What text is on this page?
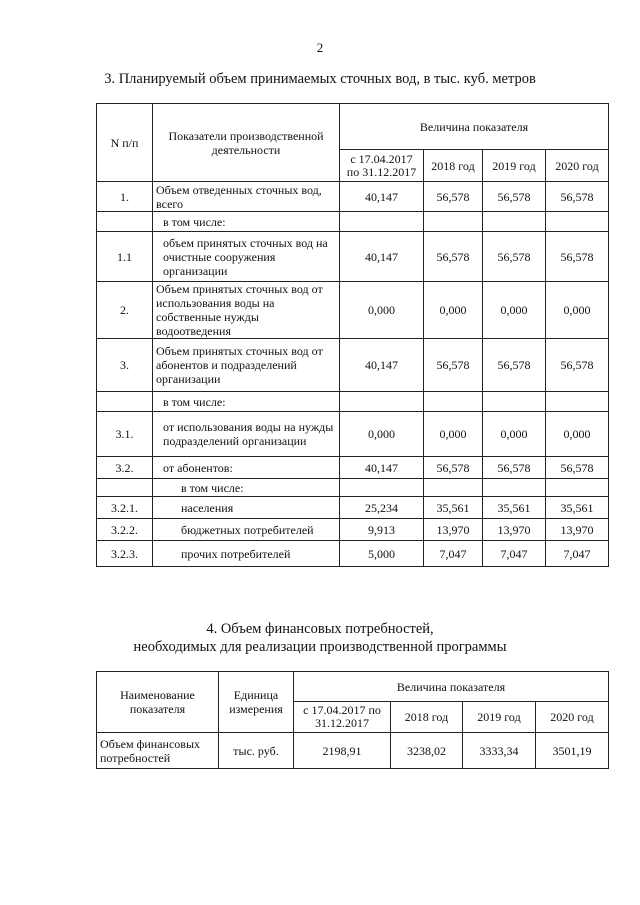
2
3. Планируемый объем принимаемых сточных вод, в тыс. куб. метров
N п/п	Показатели производственной деятельности	Величина показателя			
		с 17.04.2017 по 31.12.2017	2018 год	2019 год	2020 год
1.	Объем отведенных сточных вод, всего	40,147	56,578	56,578	56,578
	в том числе:				
1.1	объем принятых сточных вод на очистные сооружения организации	40,147	56,578	56,578	56,578
2.	Объем принятых сточных вод от использования воды на собственные нужды водоотведения	0,000	0,000	0,000	0,000
3.	Объем принятых сточных вод от абонентов и подразделений организации	40,147	56,578	56,578	56,578
	в том числе:				
3.1.	от использования воды на нужды подразделений организации	0,000	0,000	0,000	0,000
3.2.	от абонентов:	40,147	56,578	56,578	56,578
	в том числе:				
3.2.1.	населения	25,234	35,561	35,561	35,561
3.2.2.	бюджетных потребителей	9,913	13,970	13,970	13,970
3.2.3.	прочих потребителей	5,000	7,047	7,047	7,047
4. Объем финансовых потребностей,
необходимых для реализации производственной программы
Наименование показателя	Единица измерения	Величина показателя			
		с 17.04.2017 по 31.12.2017	2018 год	2019 год	2020 год
Объем финансовых потребностей	тыс. руб.	2198,91	3238,02	3333,34	3501,19
